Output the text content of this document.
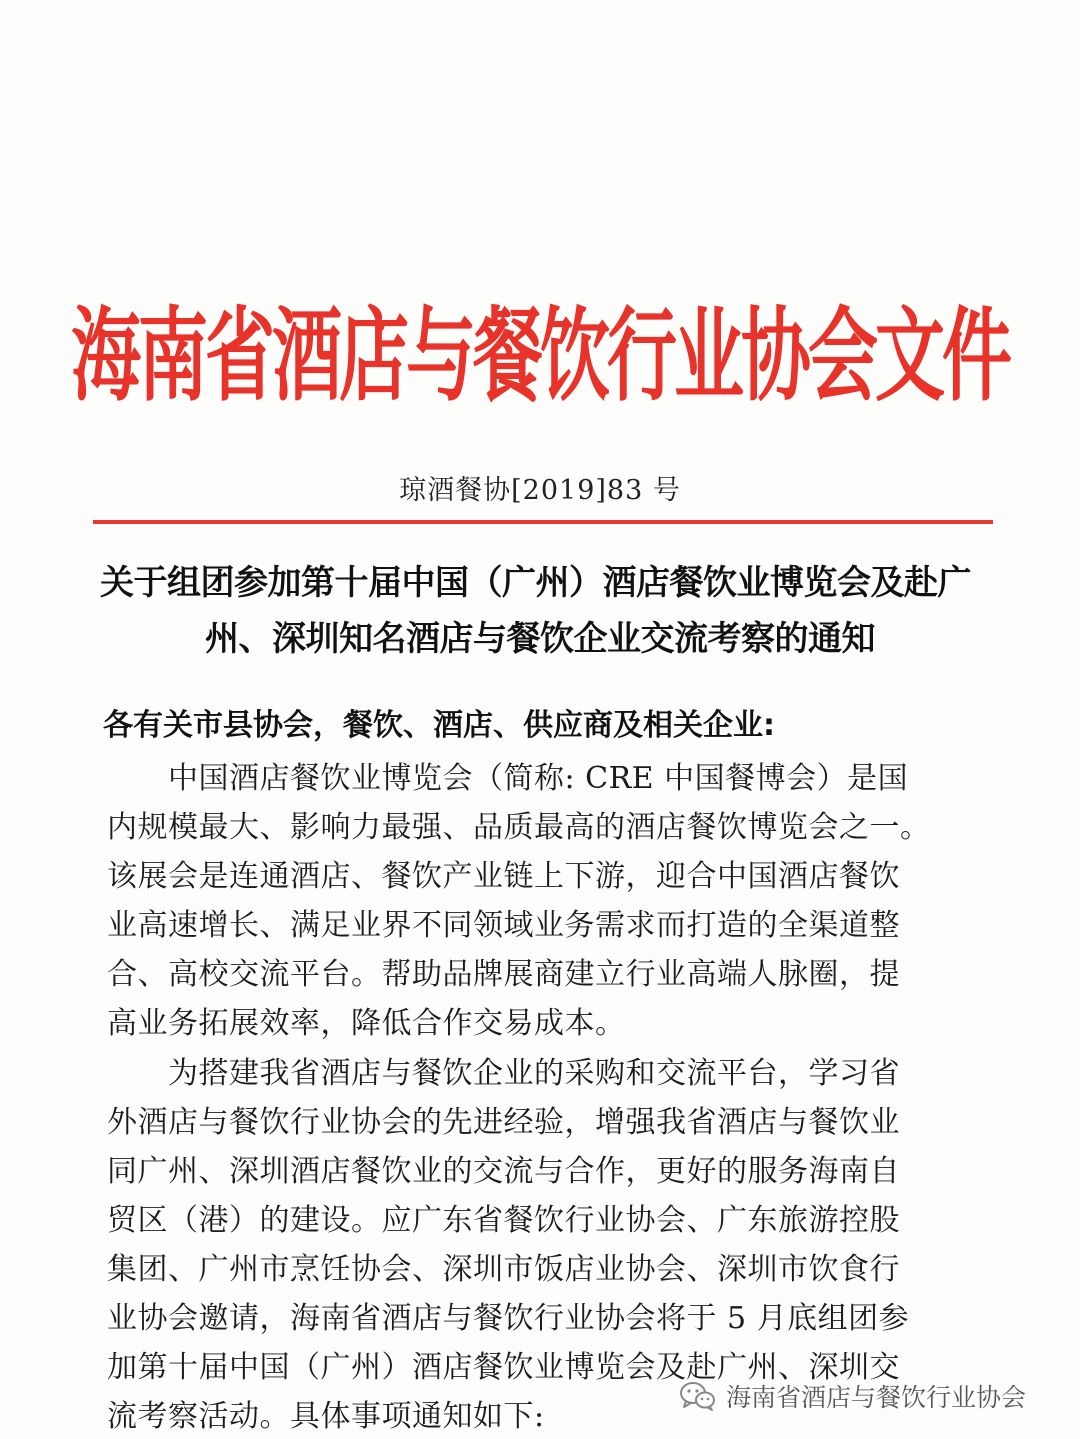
海南省酒店与餐饮行业协会文件
琼酒餐协[2019]83 号
关于组团参加第十届中国（广州）酒店餐饮业博览会及赴广
州、深圳知名酒店与餐饮企业交流考察的通知
各有关市县协会，餐饮、酒店、供应商及相关企业:
　　中国酒店餐饮业博览会（简称: CRE 中国餐博会）是国
内规模最大、影响力最强、品质最高的酒店餐饮博览会之一。
该展会是连通酒店、餐饮产业链上下游，迎合中国酒店餐饮
业高速增长、满足业界不同领域业务需求而打造的全渠道整
合、高校交流平台。帮助品牌展商建立行业高端人脉圈，提
高业务拓展效率，降低合作交易成本。
　　为搭建我省酒店与餐饮企业的采购和交流平台，学习省
外酒店与餐饮行业协会的先进经验，增强我省酒店与餐饮业
同广州、深圳酒店餐饮业的交流与合作，更好的服务海南自
贸区（港）的建设。应广东省餐饮行业协会、广东旅游控股
集团、广州市烹饪协会、深圳市饭店业协会、深圳市饮食行
业协会邀请，海南省酒店与餐饮行业协会将于 5 月底组团参
加第十届中国（广州）酒店餐饮业博览会及赴广州、深圳交
流考察活动。具体事项通知如下:
海南省酒店与餐饮行业协会
